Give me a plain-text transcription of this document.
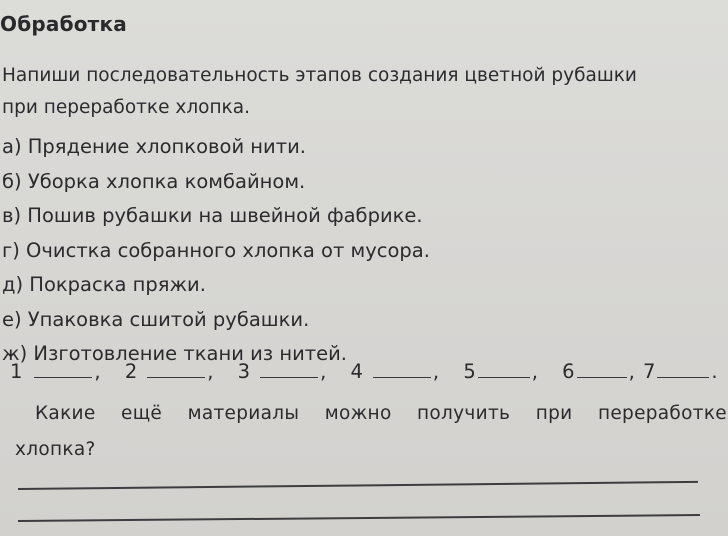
Обработка
Напиши последовательность этапов создания цветной рубашки
при переработке хлопка.
а) Прядение хлопковой нити.
б) Уборка хлопка комбайном.
в) Пошив рубашки на швейной фабрике.
г) Очистка собранного хлопка от мусора.
д) Покраска пряжи.
е) Упаковка сшитой рубашки.
ж) Изготовление ткани из нитей.
1	, 2	, 3	, 4	, 5	, 6	, 7	.
Какие ещё материалы можно получить при переработке
хлопка?
